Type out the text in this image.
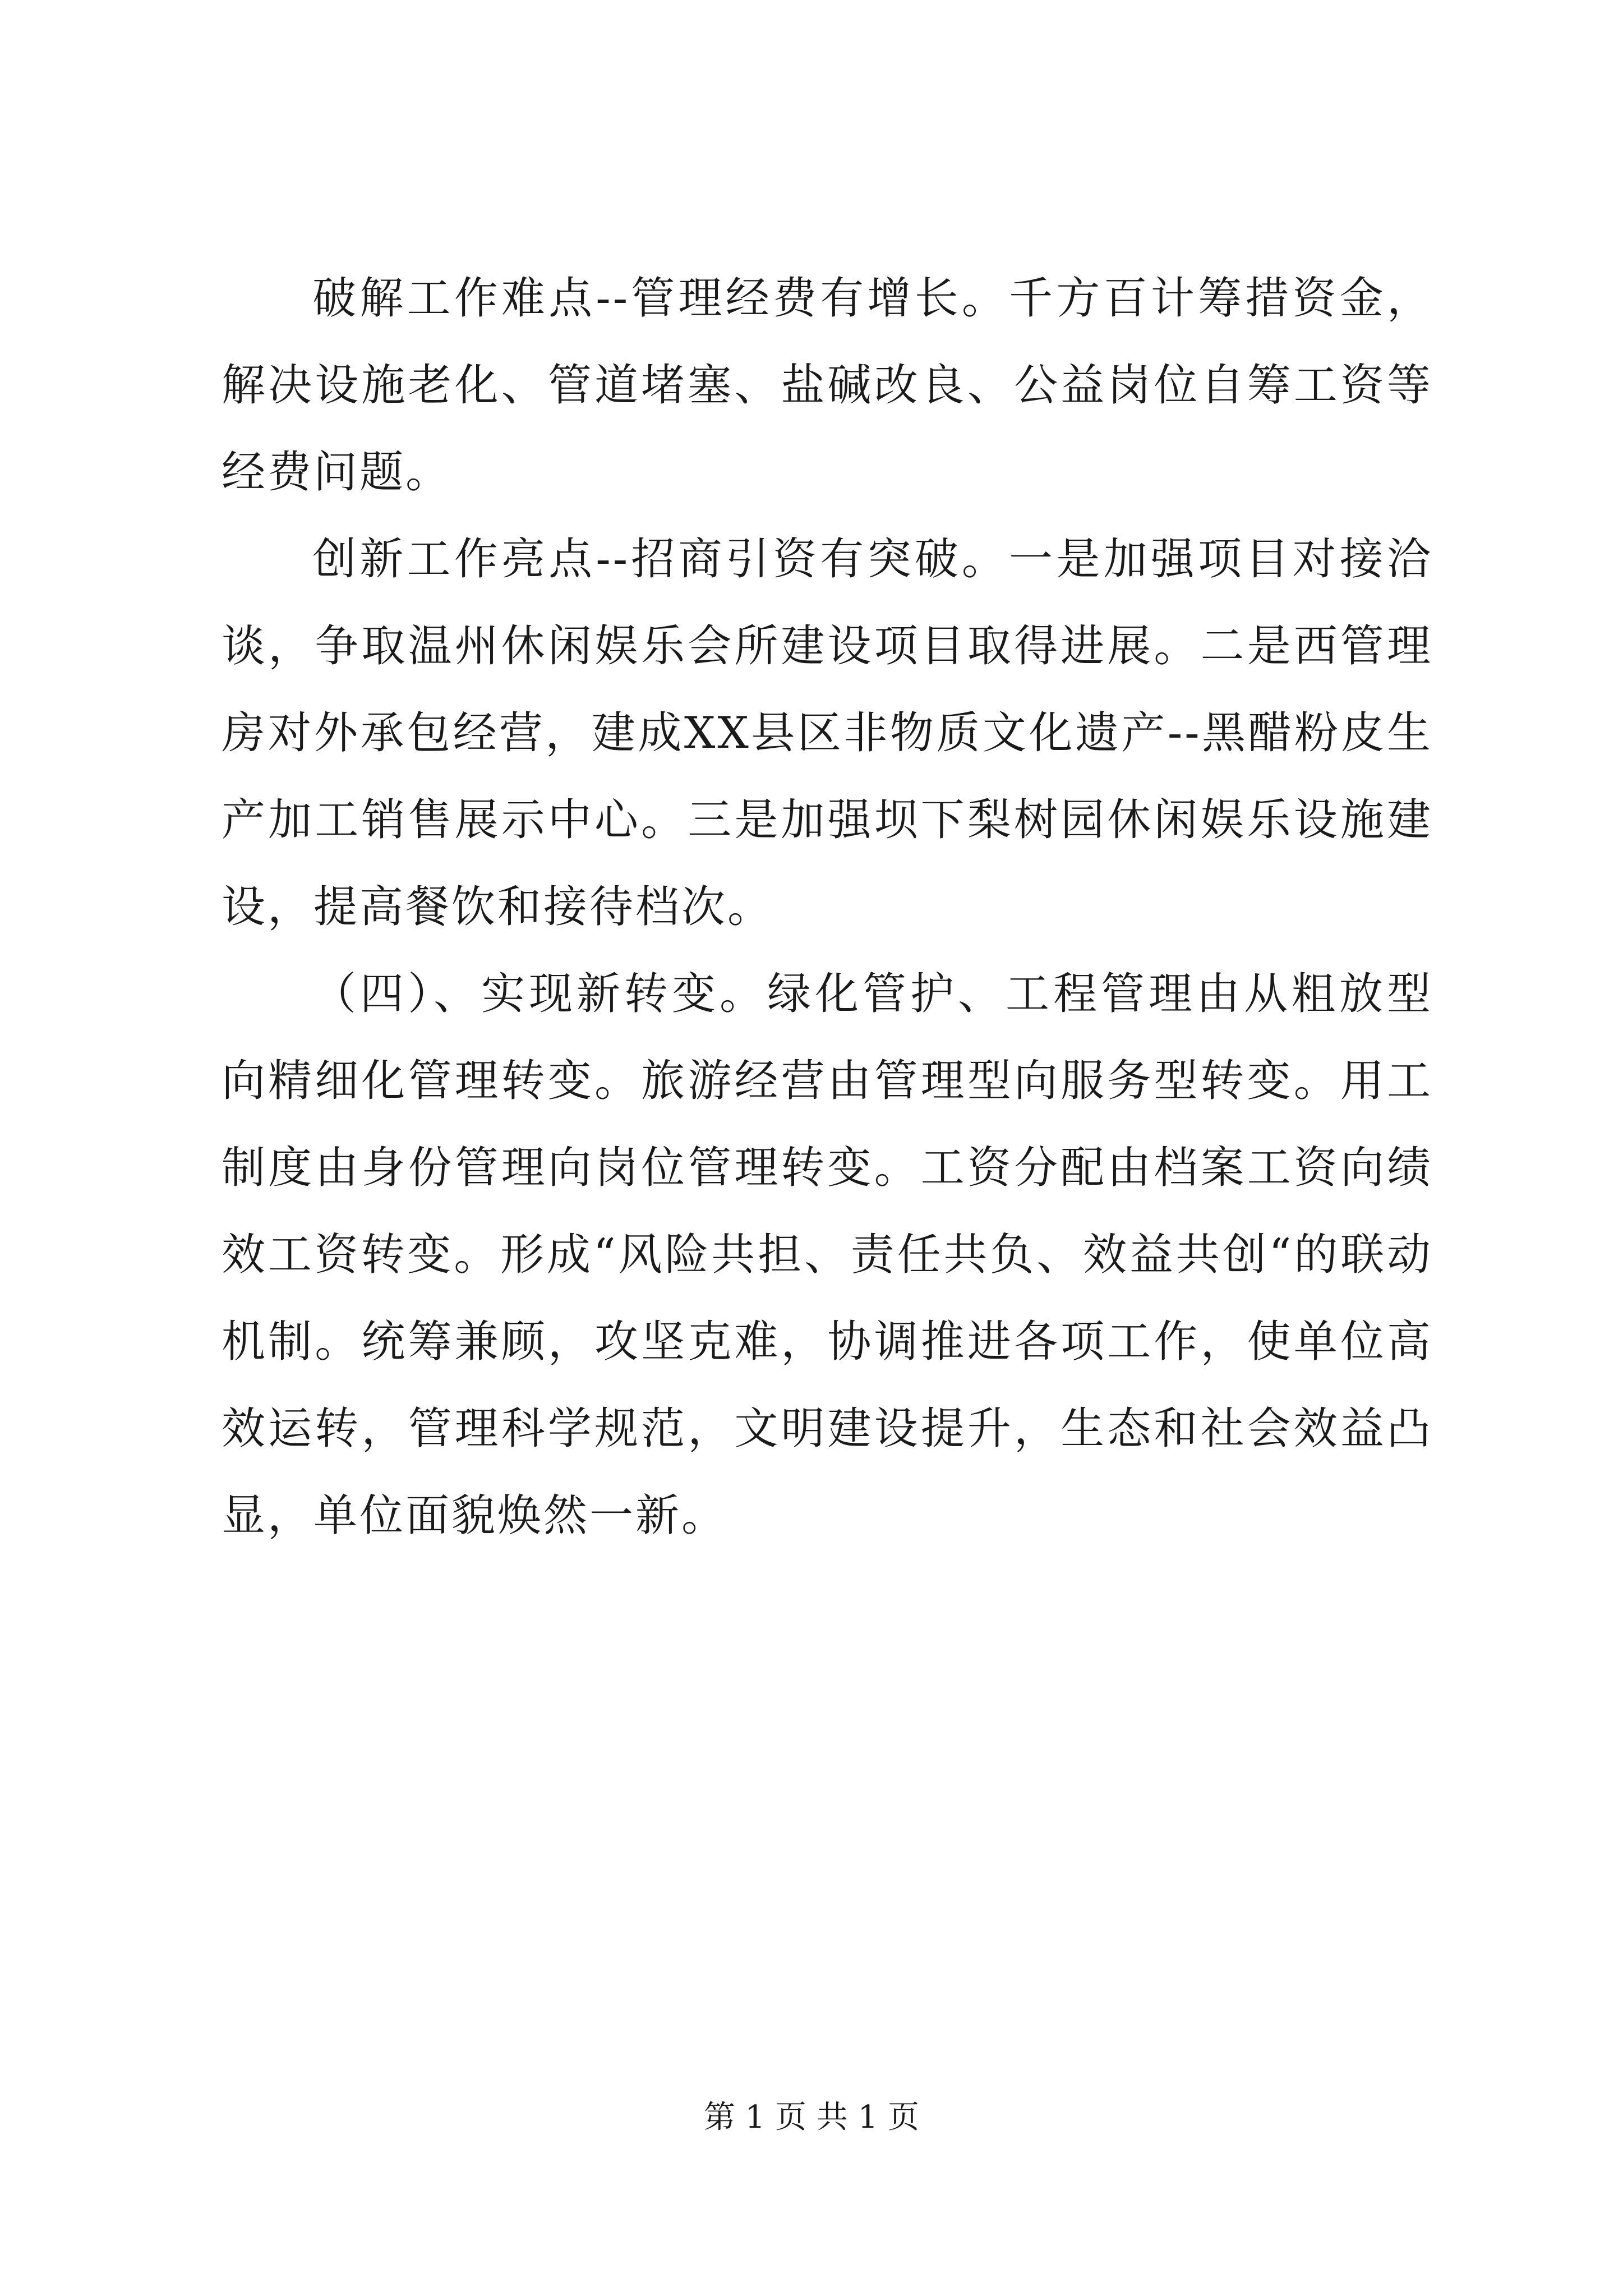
破解工作难点--管理经费有增长。千方百计筹措资金，解决设施老化、管道堵塞、盐碱改良、公益岗位自筹工资等经费问题。

创新工作亮点--招商引资有突破。一是加强项目对接洽谈，争取温州休闲娱乐会所建设项目取得进展。二是西管理房对外承包经营，建成XX县区非物质文化遗产--黑醋粉皮生产加工销售展示中心。三是加强坝下梨树园休闲娱乐设施建设，提高餐饮和接待档次。

（四）、实现新转变。绿化管护、工程管理由从粗放型向精细化管理转变。旅游经营由管理型向服务型转变。用工制度由身份管理向岗位管理转变。工资分配由档案工资向绩效工资转变。形成“风险共担、责任共负、效益共创“的联动机制。统筹兼顾，攻坚克难，协调推进各项工作，使单位高效运转，管理科学规范，文明建设提升，生态和社会效益凸显，单位面貌焕然一新。

第 1 页 共 1 页
